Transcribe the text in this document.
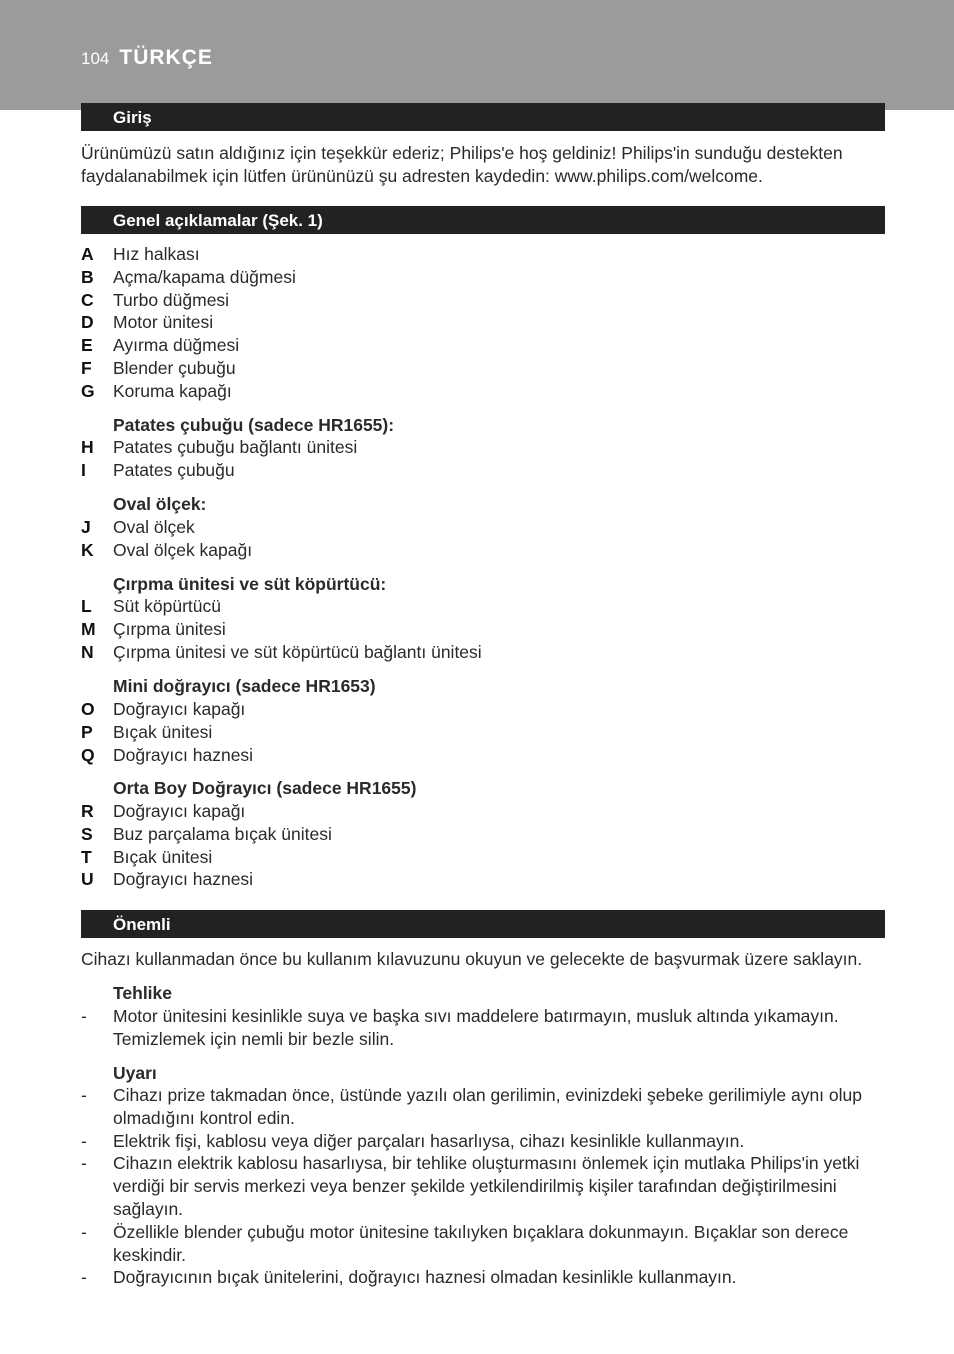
104 TÜRKÇE
Giriş
Ürünümüzü satın aldığınız için teşekkür ederiz; Philips'e hoş geldiniz! Philips'in sunduğu destekten faydalanabilmek için lütfen ürününüzü şu adresten kaydedin: www.philips.com/welcome.
Genel açıklamalar (Şek. 1)
A	Hız halkası
B	Açma/kapama düğmesi
C	Turbo düğmesi
D	Motor ünitesi
E	Ayırma düğmesi
F	Blender çubuğu
G	Koruma kapağı
Patates çubuğu (sadece HR1655):
H	Patates çubuğu bağlantı ünitesi
I	Patates çubuğu
Oval ölçek:
J	Oval ölçek
K	Oval ölçek kapağı
Çırpma ünitesi ve süt köpürtücü:
L	Süt köpürtücü
M Çırpma ünitesi
N	Çırpma ünitesi ve süt köpürtücü bağlantı ünitesi
Mini doğrayıcı (sadece HR1653)
O	Doğrayıcı kapağı
P	Bıçak ünitesi
Q	Doğrayıcı haznesi
Orta Boy Doğrayıcı (sadece HR1655)
R	Doğrayıcı kapağı
S	Buz parçalama bıçak ünitesi
T	Bıçak ünitesi
U	Doğrayıcı haznesi
Önemli
Cihazı kullanmadan önce bu kullanım kılavuzunu okuyun ve gelecekte de başvurmak üzere saklayın.
Tehlike
-	Motor ünitesini kesinlikle suya ve başka sıvı maddelere batırmayın, musluk altında yıkamayın. Temizlemek için nemli bir bezle silin.
Uyarı
-	Cihazı prize takmadan önce, üstünde yazılı olan gerilimin, evinizdeki şebeke gerilimiyle aynı olup olmadığını kontrol edin.
-	Elektrik fişi, kablosu veya diğer parçaları hasarlıysa, cihazı kesinlikle kullanmayın.
-	Cihazın elektrik kablosu hasarlıysa, bir tehlike oluşturmasını önlemek için mutlaka Philips'in yetki verdiği bir servis merkezi veya benzer şekilde yetkilendirilmiş kişiler tarafından değiştirilmesini sağlayın.
-	Özellikle blender çubuğu motor ünitesine takılıyken bıçaklara dokunmayın. Bıçaklar son derece keskindir.
-	Doğrayıcının bıçak ünitelerini, doğrayıcı haznesi olmadan kesinlikle kullanmayın.
